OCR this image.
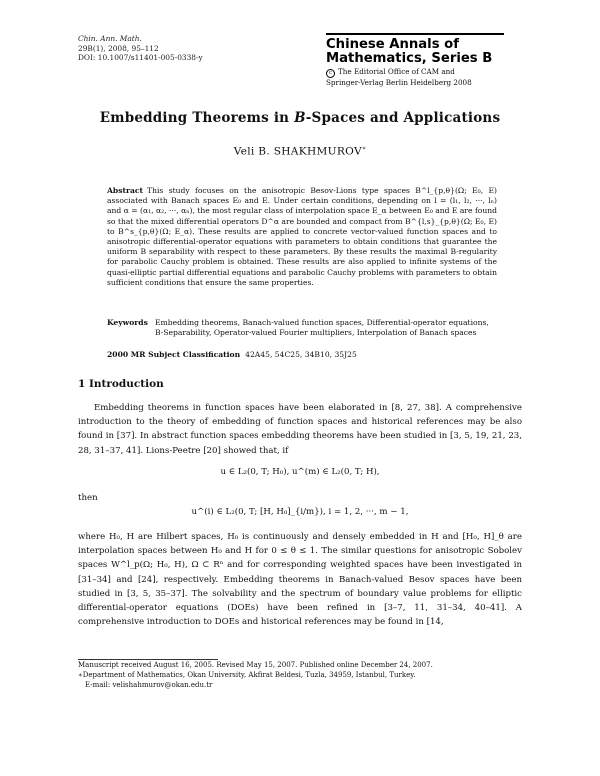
Chin. Ann. Math.
29B(1), 2008, 95–112
DOI: 10.1007/s11401-005-0338-y
Chinese Annals of
Mathematics, Series B
c The Editorial Office of CAM and
Springer-Verlag Berlin Heidelberg 2008
Embedding Theorems in B-Spaces and Applications
Veli B. SHAKHMUROV∗
Abstract This study focuses on the anisotropic Besov-Lions type spaces B^l_{p,θ}(Ω; E₀, E) associated with Banach spaces E₀ and E. Under certain conditions, depending on l = (l₁, l₂, ···, lₙ) and α = (α₁, α₂, ···, αₙ), the most regular class of interpolation space E_α between E₀ and E are found so that the mixed differential operators D^α are bounded and compact from B^{l,s}_{p,θ}(Ω; E₀, E) to B^s_{p,θ}(Ω; E_α). These results are applied to concrete vector-valued function spaces and to anisotropic differential-operator equations with parameters to obtain conditions that guarantee the uniform B separability with respect to these parameters. By these results the maximal B-regularity for parabolic Cauchy problem is obtained. These results are also applied to infinite systems of the quasi-elliptic partial differential equations and parabolic Cauchy problems with parameters to obtain sufficient conditions that ensure the same properties.
Keywords Embedding theorems, Banach-valued function spaces, Differential-operator equations, B-Separability, Operator-valued Fourier multipliers, Interpolation of Banach spaces
2000 MR Subject Classification 42A45, 54C25, 34B10, 35J25
1 Introduction
Embedding theorems in function spaces have been elaborated in [8, 27, 38]. A comprehensive introduction to the theory of embedding of function spaces and historical references may be also found in [37]. In abstract function spaces embedding theorems have been studied in [3, 5, 19, 21, 23, 28, 31–37, 41]. Lions-Peetre [20] showed that, if
u ∈ L₂(0, T; H₀), u^(m) ∈ L₂(0, T; H),
then
u^(i) ∈ L₂(0, T; [H, H₀]_{i/m}), i = 1, 2, ···, m − 1,
where H₀, H are Hilbert spaces, H₀ is continuously and densely embedded in H and [H₀, H]_θ are interpolation spaces between H₀ and H for 0 ≤ θ ≤ 1. The similar questions for anisotropic Sobolev spaces W^l_p(Ω; H₀, H), Ω ⊂ Rⁿ and for corresponding weighted spaces have been investigated in [31–34] and [24], respectively. Embedding theorems in Banach-valued Besov spaces have been studied in [3, 5, 35–37]. The solvability and the spectrum of boundary value problems for elliptic differential-operator equations (DOEs) have been refined in [3–7, 11, 31–34, 40–41]. A comprehensive introduction to DOEs and historical references may be found in [14,
Manuscript received August 16, 2005. Revised May 15, 2007. Published online December 24, 2007.
∗Department of Mathematics, Okan University, Akfirat Beldesi, Tuzla, 34959, Istanbul, Turkey.
E-mail: velishahmurov@okan.edu.tr
